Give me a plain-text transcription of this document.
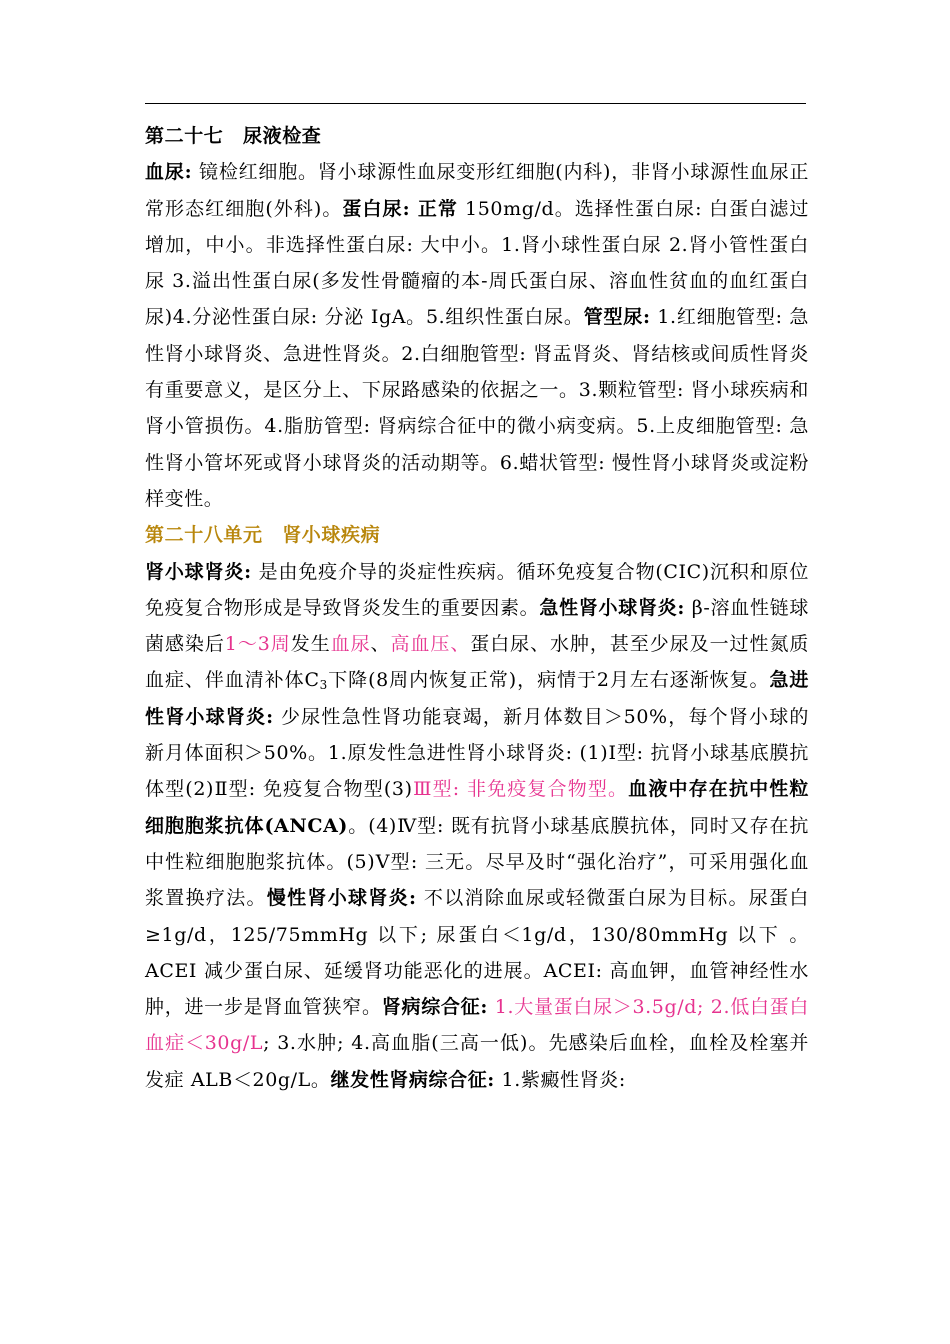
第二十七　尿液检查

血尿: 镜检红细胞。肾小球源性血尿变形红细胞(内科)，非肾小球源性血尿正常形态红细胞(外科)。蛋白尿: 正常 150mg/d。选择性蛋白尿: 白蛋白滤过增加，中小。非选择性蛋白尿: 大中小。1.肾小球性蛋白尿 2.肾小管性蛋白尿 3.溢出性蛋白尿(多发性骨髓瘤的本-周氏蛋白尿、溶血性贫血的血红蛋白尿)4.分泌性蛋白尿: 分泌 IgA。5.组织性蛋白尿。管型尿: 1.红细胞管型: 急性肾小球肾炎、急进性肾炎。2.白细胞管型: 肾盂肾炎、肾结核或间质性肾炎有重要意义，是区分上、下尿路感染的依据之一。3.颗粒管型: 肾小球疾病和肾小管损伤。4.脂肪管型: 肾病综合征中的微小病变病。5.上皮细胞管型: 急性肾小管坏死或肾小球肾炎的活动期等。6.蜡状管型: 慢性肾小球肾炎或淀粉样变性。

第二十八单元　肾小球疾病

肾小球肾炎: 是由免疫介导的炎症性疾病。循环免疫复合物(CIC)沉积和原位免疫复合物形成是导致肾炎发生的重要因素。急性肾小球肾炎: β-溶血性链球菌感染后1～3周发生血尿、高血压、蛋白尿、水肿，甚至少尿及一过性氮质血症、伴血清补体$C_3$下降(8周内恢复正常)，病情于2月左右逐渐恢复。急进性肾小球肾炎: 少尿性急性肾功能衰竭，新月体数目＞50%，每个肾小球的新月体面积＞50%。1.原发性急进性肾小球肾炎: (1)Ⅰ型: 抗肾小球基底膜抗体型(2)Ⅱ型: 免疫复合物型(3)Ⅲ型: 非免疫复合物型。血液中存在抗中性粒细胞胞浆抗体(ANCA)。(4)Ⅳ型: 既有抗肾小球基底膜抗体，同时又存在抗中性粒细胞胞浆抗体。(5)Ⅴ型: 三无。尽早及时“强化治疗”，可采用强化血浆置换疗法。慢性肾小球肾炎: 不以消除血尿或轻微蛋白尿为目标。尿蛋白≥1g/d，125/75mmHg 以下; 尿蛋白＜1g/d，130/80mmHg 以下 。ACEI 减少蛋白尿、延缓肾功能恶化的进展。ACEI: 高血钾，血管神经性水肿，进一步是肾血管狭窄。肾病综合征: 1.大量蛋白尿＞3.5g/d; 2.低白蛋白血症＜30g/L; 3.水肿; 4.高血脂(三高一低)。先感染后血栓，血栓及栓塞并发症 ALB＜20g/L。继发性肾病综合征: 1.紫癜性肾炎:
